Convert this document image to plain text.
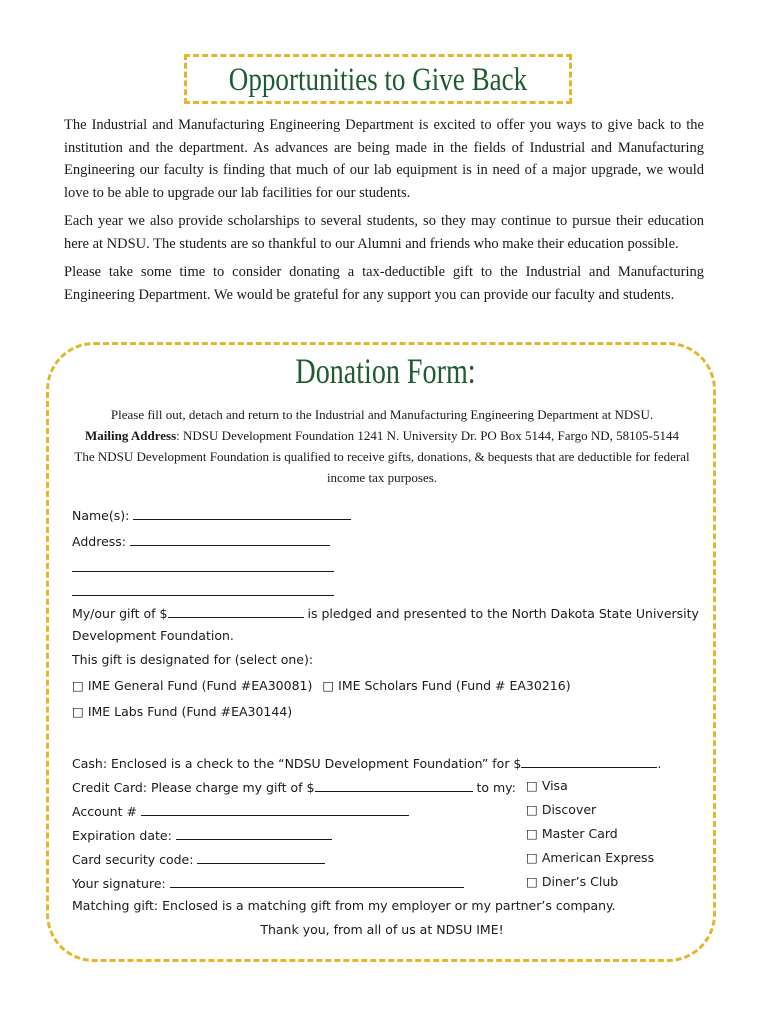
Opportunities to Give Back

The Industrial and Manufacturing Engineering Department is excited to offer you ways to give back to the institution and the department. As advances are being made in the fields of Industrial and Manufacturing Engineering our faculty is finding that much of our lab equipment is in need of a major upgrade, we would love to be able to upgrade our lab facilities for our students.

Each year we also provide scholarships to several students, so they may continue to pursue their education here at NDSU. The students are so thankful to our Alumni and friends who make their education possible.

Please take some time to consider donating a tax-deductible gift to the Industrial and Manufacturing Engineering Department. We would be grateful for any support you can provide our faculty and students.

Donation Form:

Please fill out, detach and return to the Industrial and Manufacturing Engineering Department at NDSU.

Mailing Address: NDSU Development Foundation 1241 N. University Dr. PO Box 5144, Fargo ND, 58105-5144

The NDSU Development Foundation is qualified to receive gifts, donations, & bequests that are deductible for federal income tax purposes.

Name(s):
Address:
My/our gift of $	is pledged and presented to the North Dakota State University
Development Foundation.
This gift is designated for (select one):
□ IME General Fund (Fund #EA30081) □ IME Scholars Fund (Fund # EA30216)
□ IME Labs Fund (Fund #EA30144)
Cash: Enclosed is a check to the “NDSU Development Foundation” for $	.
Credit Card: Please charge my gift of $	to my:
Account #
Expiration date:
Card security code:
Your signature:
□ Visa
□ Discover
□ Master Card
□ American Express
□ Diner’s Club
Matching gift: Enclosed is a matching gift from my employer or my partner’s company.
Thank you, from all of us at NDSU IME!
